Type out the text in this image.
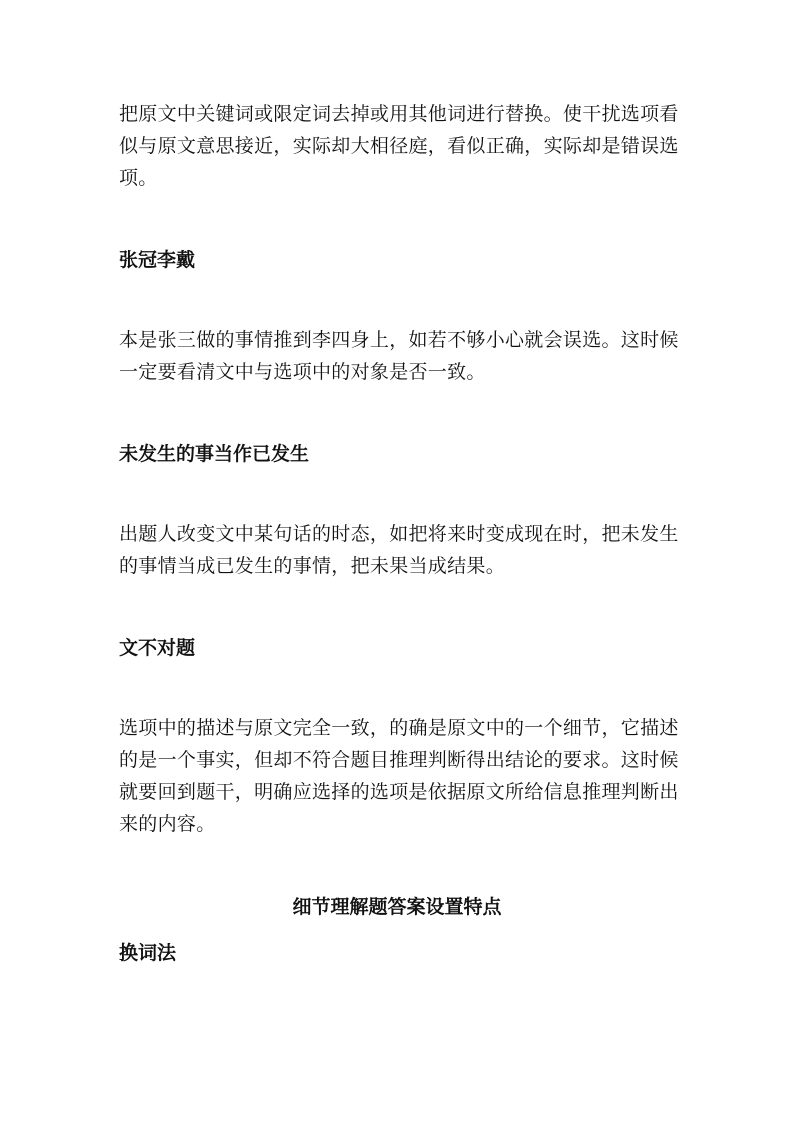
把原文中关键词或限定词去掉或用其他词进行替换。使干扰选项看似与原文意思接近，实际却大相径庭，看似正确，实际却是错误选项。

张冠李戴

本是张三做的事情推到李四身上，如若不够小心就会误选。这时候一定要看清文中与选项中的对象是否一致。

未发生的事当作已发生

出题人改变文中某句话的时态，如把将来时变成现在时，把未发生的事情当成已发生的事情，把未果当成结果。

文不对题

选项中的描述与原文完全一致，的确是原文中的一个细节，它描述的是一个事实，但却不符合题目推理判断得出结论的要求。这时候就要回到题干，明确应选择的选项是依据原文所给信息推理判断出来的内容。

细节理解题答案设置特点
换词法
